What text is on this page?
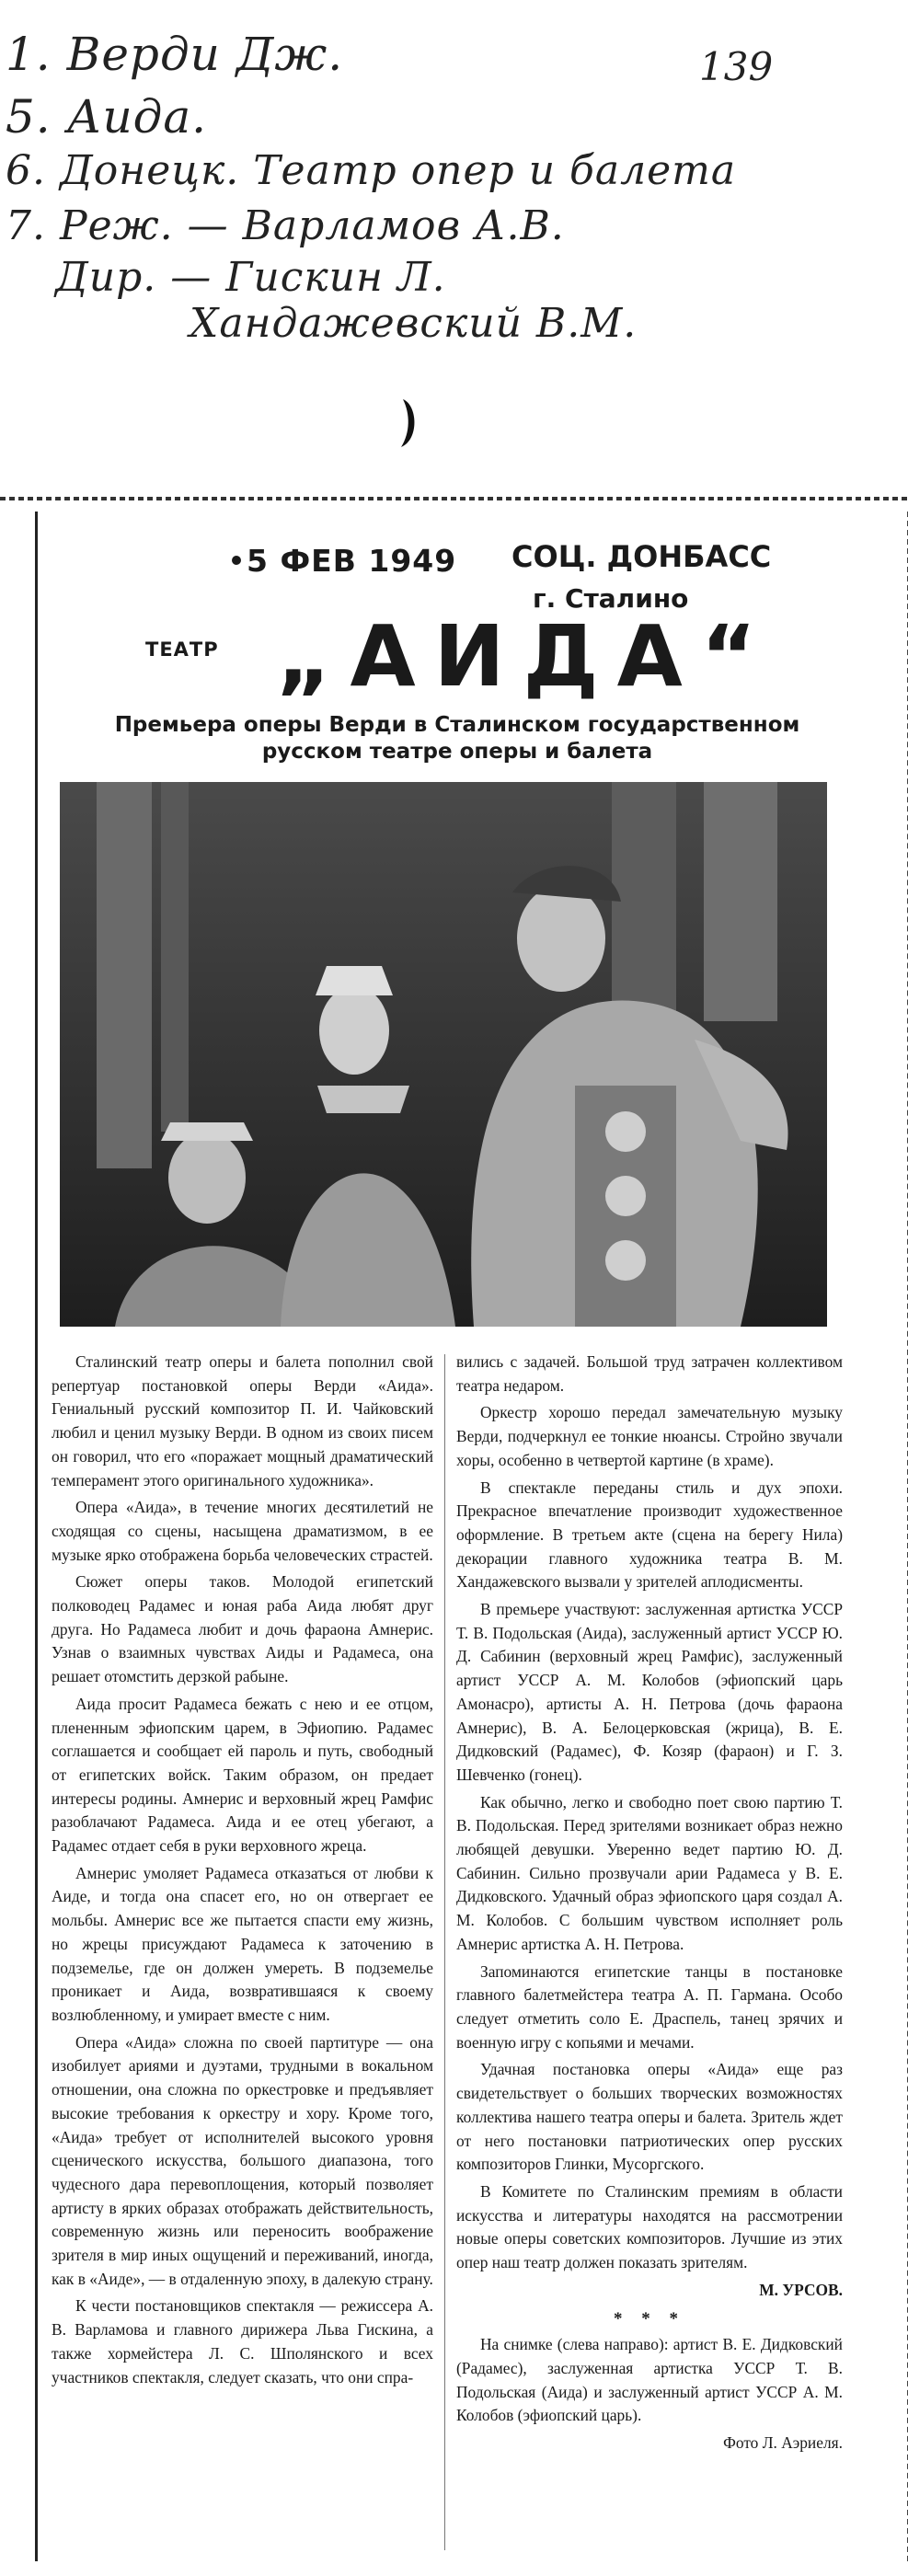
1. Верди Дж.	139
5. Аида.
6. Донецк. Театр опер и балета
7. Реж. — Варламов А.В.
Дир. — Гискин Л.
Хандажевский В.М.
5 ФЕВ 1949 СОЦ. ДОНБАСС
г. Сталино
ТЕАТР „АИДА“
Премьера оперы Верди в Сталинском государственном русском театре оперы и балета

Сталинский театр оперы и балета пополнил свой репертуар постановкой оперы Верди «Аида». Гениальный русский композитор П. И. Чайковский любил и ценил музыку Верди. В одном из своих писем он говорил, что его «поражает мощный драматический темперамент этого оригинального художника».

Опера «Аида», в течение многих десятилетий не сходящая со сцены, насыщена драматизмом, в ее музыке ярко отображена борьба человеческих страстей.

Сюжет оперы таков. Молодой египетский полководец Радамес и юная раба Аида любят друг друга. Но Радамеса любит и дочь фараона Амнерис. Узнав о взаимных чувствах Аиды и Радамеса, она решает отомстить дерзкой рабыне.

Аида просит Радамеса бежать с нею и ее отцом, плененным эфиопским царем, в Эфиопию. Радамес соглашается и сообщает ей пароль и путь, свободный от египетских войск. Таким образом, он предает интересы родины. Амнерис и верховный жрец Рамфис разоблачают Радамеса. Аида и ее отец убегают, а Радамес отдает себя в руки верховного жреца.

Амнерис умоляет Радамеса отказаться от любви к Аиде, и тогда она спасет его, но он отвергает ее мольбы. Амнерис все же пытается спасти ему жизнь, но жрецы присуждают Радамеса к заточению в подземелье, где он должен умереть. В подземелье проникает и Аида, возвратившаяся к своему возлюбленному, и умирает вместе с ним.

Опера «Аида» сложна по своей партитуре — она изобилует ариями и дуэтами, трудными в вокальном отношении, она сложна по оркестровке и предъявляет высокие требования к оркестру и хору. Кроме того, «Аида» требует от исполнителей высокого уровня сценического искусства, большого диапазона, того чудесного дара перевоплощения, который позволяет артисту в ярких образах отображать действительность, современную жизнь или переносить воображение зрителя в мир иных ощущений и переживаний, иногда, как в «Аиде», — в отдаленную эпоху, в далекую страну.

К чести постановщиков спектакля — режиссера А. В. Варламова и главного дирижера Льва Гискина, а также хормейстера Л. С. Шполянского и всех участников спектакля, следует сказать, что они спра-

вились с задачей. Большой труд затрачен коллективом театра недаром.

Оркестр хорошо передал замечательную музыку Верди, подчеркнул ее тонкие нюансы. Стройно звучали хоры, особенно в четвертой картине (в храме).

В спектакле переданы стиль и дух эпохи. Прекрасное впечатление производит художественное оформление. В третьем акте (сцена на берегу Нила) декорации главного художника театра В. М. Хандажевского вызвали у зрителей аплодисменты.

В премьере участвуют: заслуженная артистка УССР Т. В. Подольская (Аида), заслуженный артист УССР Ю. Д. Сабинин (верховный жрец Рамфис), заслуженный артист УССР А. М. Колобов (эфиопский царь Амонасро), артисты А. Н. Петрова (дочь фараона Амнерис), В. А. Белоцерковская (жрица), В. Е. Дидковский (Радамес), Ф. Козяр (фараон) и Г. З. Шевченко (гонец).

Как обычно, легко и свободно поет свою партию Т. В. Подольская. Перед зрителями возникает образ нежно любящей девушки. Уверенно ведет партию Ю. Д. Сабинин. Сильно прозвучали арии Радамеса у В. Е. Дидковского. Удачный образ эфиопского царя создал А. М. Колобов. С большим чувством исполняет роль Амнерис артистка А. Н. Петрова.

Запоминаются египетские танцы в постановке главного балетмейстера театра А. П. Гармана. Особо следует отметить соло Е. Драспель, танец зрячих и военную игру с копьями и мечами.

Удачная постановка оперы «Аида» еще раз свидетельствует о больших творческих возможностях коллектива нашего театра оперы и балета. Зритель ждет от него постановки патриотических опер русских композиторов Глинки, Мусоргского.

В Комитете по Сталинским премиям в области искусства и литературы находятся на рассмотрении новые оперы советских композиторов. Лучшие из этих опер наш театр должен показать зрителям.

М. УРСОВ.
* * *

На снимке (слева направо): артист В. Е. Дидковский (Радамес), заслуженная артистка УССР Т. В. Подольская (Аида) и заслуженный артист УССР А. М. Колобов (эфиопский царь).

Фото Л. Аэриеля.
